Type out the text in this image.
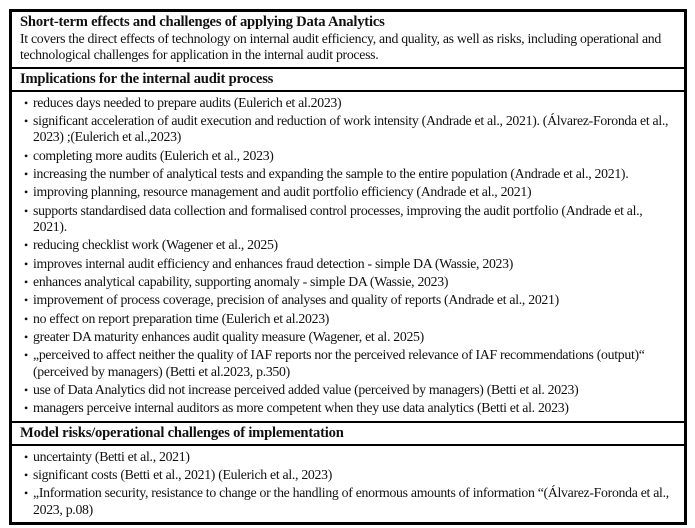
Short-term effects and challenges of applying Data Analytics
It covers the direct effects of technology on internal audit efficiency, and quality, as well as risks, including operational and technological challenges for application in the internal audit process.
Implications for the internal audit process
• reduces days needed to prepare audits (Eulerich et al.2023)
• significant acceleration of audit execution and reduction of work intensity (Andrade et al., 2021). (Álvarez-Foronda et al., 2023) ;(Eulerich et al.,2023)
• completing more audits (Eulerich et al., 2023)
• increasing the number of analytical tests and expanding the sample to the entire population (Andrade et al., 2021).
• improving planning, resource management and audit portfolio efficiency (Andrade et al., 2021)
• supports standardised data collection and formalised control processes, improving the audit portfolio (Andrade et al., 2021).
• reducing checklist work (Wagener et al., 2025)
• improves internal audit efficiency and enhances fraud detection - simple DA (Wassie, 2023)
• enhances analytical capability, supporting anomaly - simple DA (Wassie, 2023)
• improvement of process coverage, precision of analyses and quality of reports (Andrade et al., 2021)
• no effect on report preparation time (Eulerich et al.2023)
• greater DA maturity enhances audit quality measure (Wagener, et al. 2025)
• „perceived to affect neither the quality of IAF reports nor the perceived relevance of IAF recommendations (output)“ (perceived by managers) (Betti et al.2023, p.350)
• use of Data Analytics did not increase perceived added value (perceived by managers) (Betti et al. 2023)
• managers perceive internal auditors as more competent when they use data analytics (Betti et al. 2023)
Model risks/operational challenges of implementation
• uncertainty (Betti et al., 2021)
• significant costs (Betti et al., 2021) (Eulerich et al., 2023)
• „Information security, resistance to change or the handling of enormous amounts of information “(Álvarez-Foronda et al., 2023, p.08)
